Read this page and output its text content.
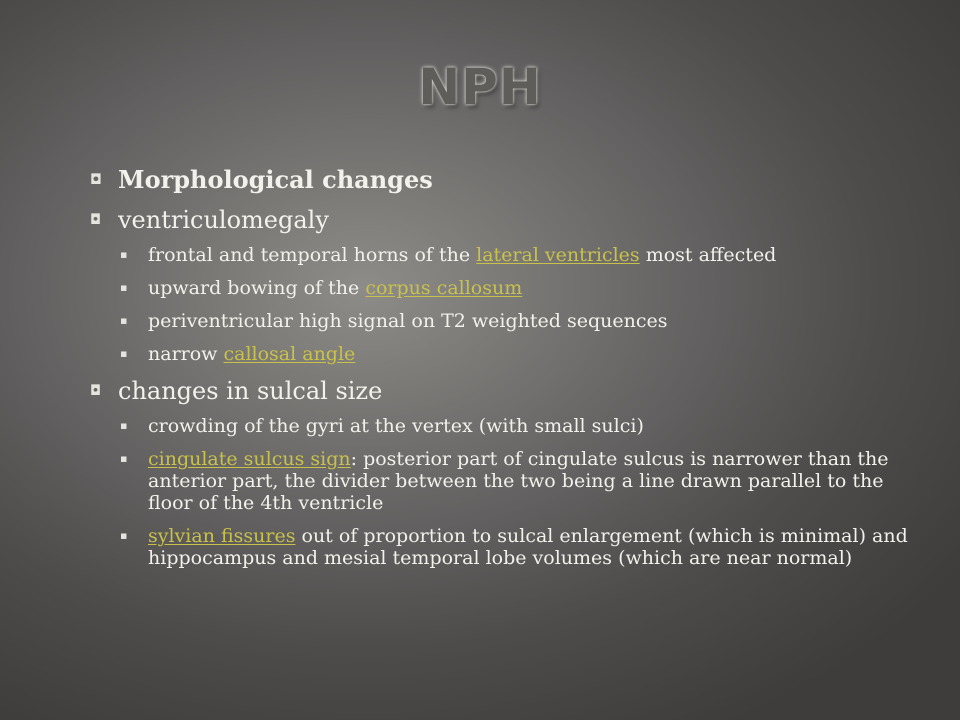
NPH
◘ Morphological changes
◘ ventriculomegaly
▪ frontal and temporal horns of the lateral ventricles most affected
▪ upward bowing of the corpus callosum
▪ periventricular high signal on T2 weighted sequences
▪ narrow callosal angle
◘ changes in sulcal size
▪ crowding of the gyri at the vertex (with small sulci)
▪ cingulate sulcus sign: posterior part of cingulate sulcus is narrower than the anterior part, the divider between the two being a line drawn parallel to the floor of the 4th ventricle
▪ sylvian fissures out of proportion to sulcal enlargement (which is minimal) and hippocampus and mesial temporal lobe volumes (which are near normal)
